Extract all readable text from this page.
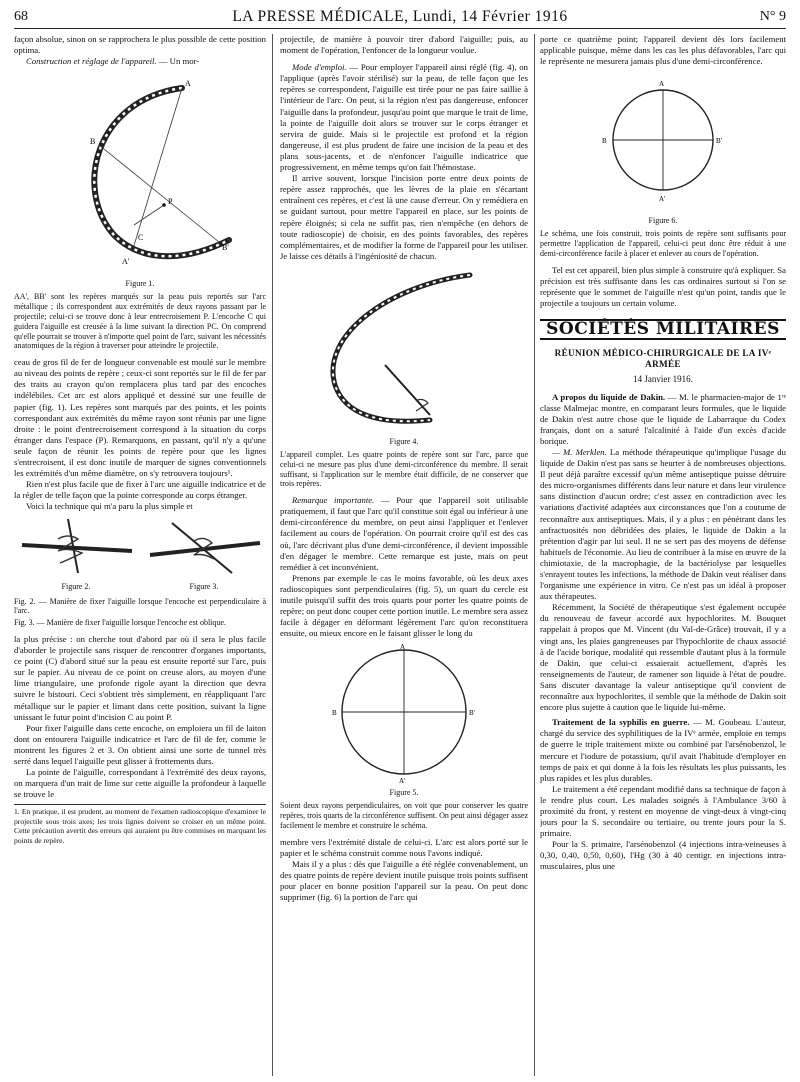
68	LA PRESSE MÉDICALE, Lundi, 14 Février 1916	N° 9

façon absolue, sinon on se rapprochera le plus possible de cette position optima.

Construction et réglage de l'appareil. — Un mor-

A
A'
B
B'
P
C
Figure 1.
AA', BB' sont les repères marqués sur la peau puis reportés sur l'arc métallique ; ils correspondent aux extrémités de deux rayons passant par le projectile; celui-ci se trouve donc à leur entrecroisement P. L'encoche C qui guidera l'aiguille est creusée à la lime suivant la direction PC. On comprend qu'elle pourrait se trouver à n'importe quel point de l'arc, suivant les nécessités anatomiques de la région à traverser pour atteindre le projectile.

ceau de gros fil de fer de longueur convenable est moulé sur le membre au niveau des points de repère ; ceux-ci sont reportés sur le fil de fer par des traits au crayon qu'on remplacera plus tard par des encoches indélébiles. Cet arc est alors appliqué et dessiné sur une feuille de papier (fig. 1). Les repères sont marqués par des points, et les points correspondant aux extrémités du même rayon sont réunis par une ligne droite : le point d'entrecroisement correspond à la situation du corps étranger dans l'espace (P). Remarquons, en passant, qu'il n'y a qu'une seule façon de réunir les points de repère pour que les lignes s'entrecroisent, il est donc inutile de marquer de signes conventionnels les extrémités d'un même diamètre, on s'y retrouvera toujours¹.

Rien n'est plus facile que de fixer à l'arc une aiguille indicatrice et de la régler de telle façon que la pointe corresponde au corps étranger.

Voici la technique qui m'a paru la plus simple et

Figure 2.	Figure 3.
Fig. 2. — Manière de fixer l'aiguille lorsque l'encoche est perpendiculaire à l'arc.
Fig. 3. — Manière de fixer l'aiguille lorsque l'encoche est oblique.

la plus précise : on cherche tout d'abord par où il sera le plus facile d'aborder le projectile sans risquer de rencontrer d'organes importants, ce point (C) d'abord situé sur la peau est ensuite reporté sur l'arc, puis sur le papier. Au niveau de ce point on creuse alors, au moyen d'une lime triangulaire, une profonde rigole ayant la direction que devra suivre le bistouri. Ceci s'obtient très simplement, en réappliquant l'arc métallique sur le papier et limant dans cette position, suivant la ligne unissant le futur point d'incision C au point P.

Pour fixer l'aiguille dans cette encoche, on emploiera un fil de laiton dont on entourera l'aiguille indicatrice et l'arc de fil de fer, comme le montrent les figures 2 et 3. On obtient ainsi une sorte de tunnel très serré dans lequel l'aiguille peut glisser à frottements durs.

La pointe de l'aiguille, correspondant à l'extrémité des deux rayons, on marquera d'un trait de lime sur cette aiguille la profondeur à laquelle se trouve le

1. En pratique, il est prudent, au moment de l'examen radioscopique d'examiner le projectile sous trois axes; les trois lignes doivent se croiser en un même point. Cette précaution avertit des erreurs qui auraient pu être commises en marquant les points de repère.

projectile, de manière à pouvoir tirer d'abord l'aiguille; puis, au moment de l'opération, l'enfoncer de la longueur voulue.

Mode d'emploi. — Pour employer l'appareil ainsi réglé (fig. 4), on l'applique (après l'avoir stérilisé) sur la peau, de telle façon que les repères se correspondent, l'aiguille est tirée pour ne pas faire saillie à l'intérieur de l'arc. On peut, si la région n'est pas dangereuse, enfoncer l'aiguille dans la profondeur, jusqu'au point que marque le trait de lime, la pointe de l'aiguille doit alors se trouver sur le corps étranger et servira de guide. Mais si le projectile est profond et la région dangereuse, il est plus prudent de faire une incision de la peau et des plans sous-jacents, et de n'enfoncer l'aiguille indicatrice que progressivement, en même temps qu'on fait l'hémostase.

Il arrive souvent, lorsque l'incision porte entre deux points de repère assez rapprochés, que les lèvres de la plaie en s'écartant entraînent ces repères, et c'est là une cause d'erreur. On y remédiera en se guidant surtout, pour mettre l'appareil en place, sur les points de repère éloignés; si cela ne suffit pas, rien n'empêche (en dehors de toute radioscopie) de choisir, en des points favorables, des repères complémentaires, et de modifier la forme de l'appareil pour les utiliser. Je laisse ces détails à l'ingéniosité de chacun.

Figure 4.
L'appareil complet. Les quatre points de repère sont sur l'arc, parce que celui-ci ne mesure pas plus d'une demi-circonférence du membre. Il serait suffisant, si l'application sur le membre était difficile, de ne conserver que trois repères.

Remarque importante. — Pour que l'appareil soit utilisable pratiquement, il faut que l'arc qu'il constitue soit égal ou inférieur à une demi-circonférence du membre, on peut ainsi l'appliquer et l'enlever facilement au cours de l'opération. On pourrait croire qu'il est des cas où, l'arc décrivant plus d'une demi-circonférence, il devient impossible d'en dégager le membre. Cette remarque est juste, mais on peut remédier à cet inconvénient.

Prenons par exemple le cas le moins favorable, où les deux axes radioscopiques sont perpendiculaires (fig. 5), un quart du cercle est inutile puisqu'il suffit des trois quarts pour porter les quatre points de repère; on peut donc couper cette portion inutile. Le membre sera assez facile à dégager en déformant légèrement l'arc qu'on reconstituera ensuite, ou mieux encore en le faisant glisser le long du

A
A'
B	B'
Figure 5.
Soient deux rayons perpendiculaires, on voit que pour conserver les quatre repères, trois quarts de la circonférence suffisent. On peut ainsi dégager assez facilement le membre et construire le schéma.

membre vers l'extrémité distale de celui-ci. L'arc est alors porté sur le papier et le schéma construit comme nous l'avons indiqué.

Mais il y a plus : dès que l'aiguille a été réglée convenablement, un des quatre points de repère devient inutile puisque trois points suffisent pour placer en bonne position l'appareil sur la peau. On peut donc supprimer (fig. 6) la portion de l'arc qui

porte ce quatrième point; l'appareil devient dès lors facilement applicable puisque, même dans les cas les plus défavorables, l'arc qui le représente ne mesurera jamais plus d'une demi-circonférence.

A
B	B'
A'
Figure 6.
Le schéma, une fois construit, trois points de repère sont suffisants pour permettre l'application de l'appareil, celui-ci peut donc être réduit à une demi-circonférence facile à placer et enlever au cours de l'opération.

Tel est cet appareil, bien plus simple à construire qu'à expliquer. Sa précision est très suffisante dans les cas ordinaires surtout si l'on se représente que le sommet de l'aiguille n'est qu'un point, tandis que le projectile a toujours un certain volume.

SOCIÉTÉS MILITAIRES
RÉUNION MÉDICO-CHIRURGICALE DE LA IVᵉ ARMÉE
14 Janvier 1916.

A propos du liquide de Dakin. — M. le pharmacien-major de 1ʳᵉ classe Malmejac montre, en comparant leurs formules, que le liquide de Dakin n'est autre chose que le liquide de Labarraque du Codex français, dont on a saturé l'alcalinité à l'aide d'un excès d'acide borique.

— M. Merklen. La méthode thérapeutique qu'implique l'usage du liquide de Dakin n'est pas sans se heurter à de nombreuses objections. Il peut déjà paraître excessif qu'un même antiseptique puisse détruire des micro-organismes différents dans leur nature et dans leur virulence sans distinction d'aucun ordre; c'est assez en contradiction avec les variations d'activité adaptées aux circonstances que l'on a coutume de reconnaître aux antiseptiques. Mais, il y a plus : en pénétrant dans les anfractuosités non débridées des plaies, le liquide de Dakin a la prétention d'agir par lui seul. Il ne se sert pas des moyens de défense habituels de l'économie. Au lieu de contribuer à la mise en œuvre de la chimiotaxie, de la macrophagie, de la bactériolyse par lesquelles s'enrayent toutes les infections, la méthode de Dakin veut réaliser dans l'organisme une expérience in vitro. Ce n'est pas un idéal à proposer aux thérapeutes.

Récemment, la Société de thérapeutique s'est également occupée du renouveau de faveur accordé aux hypochlorites. M. Bouquet rappelait à propos que M. Vincent (du Val-de-Grâce) trouvait, il y a vingt ans, les plaies gangreneuses par l'hypochlorite de chaux associé à de l'acide borique, modalité qui ressemble d'autant plus à la formule de Dakin, que celui-ci essaierait actuellement, d'après les renseignements de l'auteur, de ramener son liquide à l'état de poudre. Sans discuter davantage la valeur antiseptique qu'il convient de reconnaître aux hypochlorites, il semble que la méthode de Dakin soit encore plus sujette à caution que le liquide lui-même.

Traitement de la syphilis en guerre. — M. Goubeau. L'auteur, chargé du service des syphilitiques de la IVᵉ armée, emploie en temps de guerre le triple traitement mixte ou combiné par l'arsénobenzol, le mercure et l'iodure de potassium, qu'il avait l'habitude d'employer en temps de paix et qui donne à la fois les résultats les plus puissants, les plus rapides et les plus durables.

Le traitement a été cependant modifié dans sa technique de façon à le rendre plus court. Les malades soignés à l'Ambulance 3/60 à proximité du front, y restent en moyenne de vingt-deux à vingt-cinq jours pour la S. secondaire ou tertiaire, ou trente jours pour la S. primaire.

Pour la S. primaire, l'arsénobenzol (4 injections intra-veineuses à 0,30, 0,40, 0,50, 0,60), l'Hg (30 à 40 centigr. en injections intra-musculaires, plus une
